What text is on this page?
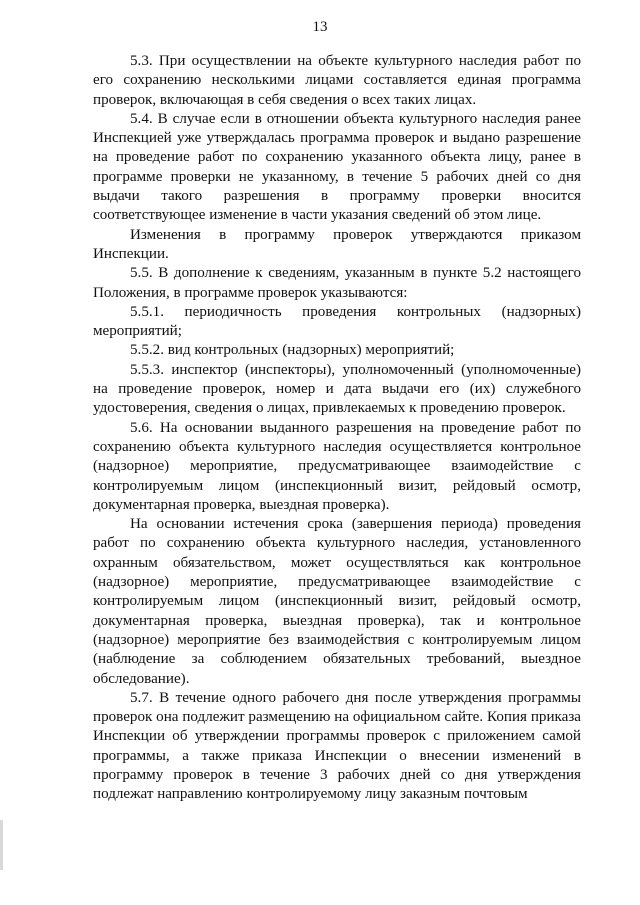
13

5.3. При осуществлении на объекте культурного наследия работ по его сохранению несколькими лицами составляется единая программа проверок, включающая в себя сведения о всех таких лицах.

5.4. В случае если в отношении объекта культурного наследия ранее Инспекцией уже утверждалась программа проверок и выдано разрешение на проведение работ по сохранению указанного объекта лицу, ранее в программе проверки не указанному, в течение 5 рабочих дней со дня выдачи такого разрешения в программу проверки вносится соответствующее изменение в части указания сведений об этом лице.

Изменения в программу проверок утверждаются приказом Инспекции.

5.5. В дополнение к сведениям, указанным в пункте 5.2 настоящего Положения, в программе проверок указываются:

5.5.1. периодичность проведения контрольных (надзорных) мероприятий;

5.5.2. вид контрольных (надзорных) мероприятий;

5.5.3. инспектор (инспекторы), уполномоченный (уполномоченные) на проведение проверок, номер и дата выдачи его (их) служебного удостоверения, сведения о лицах, привлекаемых к проведению проверок.

5.6. На основании выданного разрешения на проведение работ по сохранению объекта культурного наследия осуществляется контрольное (надзорное) мероприятие, предусматривающее взаимодействие с контролируемым лицом (инспекционный визит, рейдовый осмотр, документарная проверка, выездная проверка).

На основании истечения срока (завершения периода) проведения работ по сохранению объекта культурного наследия, установленного охранным обязательством, может осуществляться как контрольное (надзорное) мероприятие, предусматривающее взаимодействие с контролируемым лицом (инспекционный визит, рейдовый осмотр, документарная проверка, выездная проверка), так и контрольное (надзорное) мероприятие без взаимодействия с контролируемым лицом (наблюдение за соблюдением обязательных требований, выездное обследование).

5.7. В течение одного рабочего дня после утверждения программы проверок она подлежит размещению на официальном сайте. Копия приказа Инспекции об утверждении программы проверок с приложением самой программы, а также приказа Инспекции о внесении изменений в программу проверок в течение 3 рабочих дней со дня утверждения подлежат направлению контролируемому лицу заказным почтовым
